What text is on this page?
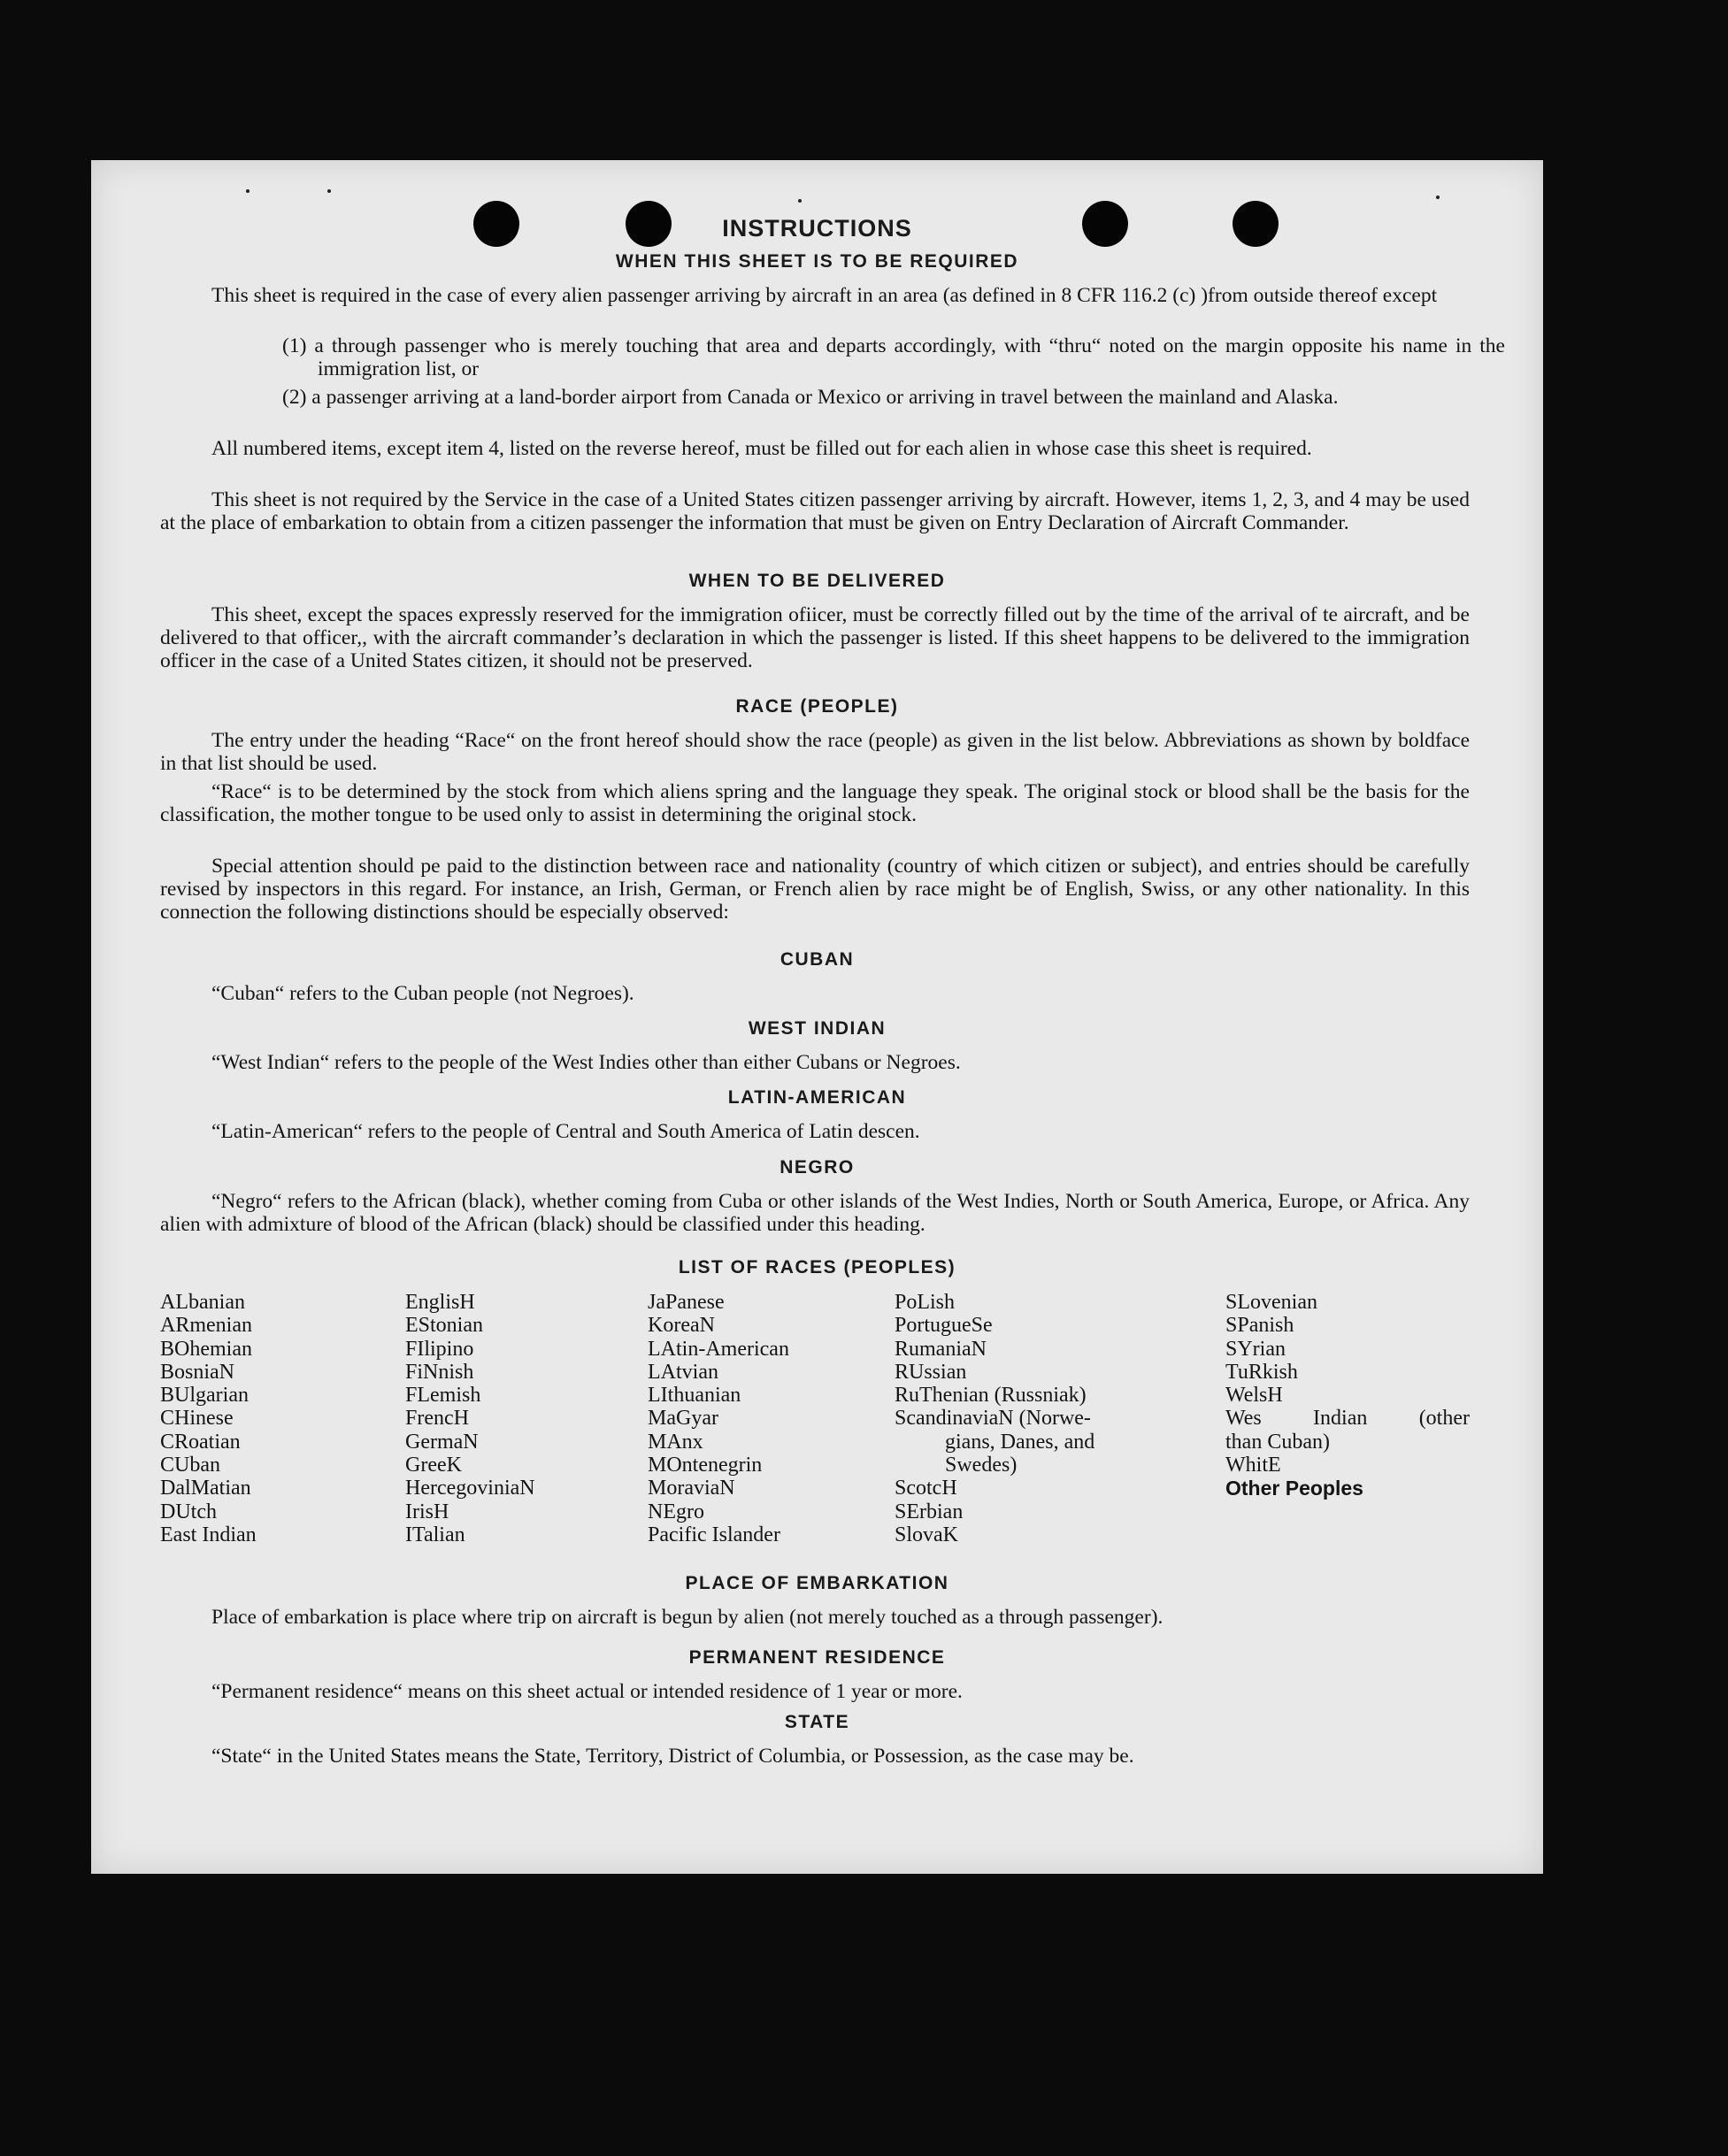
INSTRUCTIONS
WHEN THIS SHEET IS TO BE REQUIRED
This sheet is required in the case of every alien passenger arriving by aircraft in an area (as defined in 8 CFR 116.2 (c) )from outside thereof except
(1) a through passenger who is merely touching that area and departs accordingly, with “thru“ noted on the margin opposite his name in the immigration list, or
(2) a passenger arriving at a land-border airport from Canada or Mexico or arriving in travel between the mainland and Alaska.
All numbered items, except item 4, listed on the reverse hereof, must be filled out for each alien in whose case this sheet is required.
This sheet is not required by the Service in the case of a United States citizen passenger arriving by aircraft. However, items 1, 2, 3, and 4 may be used at the place of embarkation to obtain from a citizen passenger the information that must be given on Entry Declaration of Aircraft Commander.
WHEN TO BE DELIVERED
This sheet, except the spaces expressly reserved for the immigration ofiicer, must be correctly filled out by the time of the arrival of te aircraft, and be delivered to that officer,, with the aircraft commander’s declaration in which the passenger is listed. If this sheet happens to be delivered to the immigration officer in the case of a United States citizen, it should not be preserved.
RACE (PEOPLE)
The entry under the heading “Race“ on the front hereof should show the race (people) as given in the list below. Abbreviations as shown by boldface in that list should be used.
“Race“ is to be determined by the stock from which aliens spring and the language they speak. The original stock or blood shall be the basis for the classification, the mother tongue to be used only to assist in determining the original stock.
Special attention should pe paid to the distinction between race and nationality (country of which citizen or subject), and entries should be carefully revised by inspectors in this regard. For instance, an Irish, German, or French alien by race might be of English, Swiss, or any other nationality. In this connection the following distinctions should be especially observed:
CUBAN
“Cuban“ refers to the Cuban people (not Negroes).
WEST INDIAN
“West Indian“ refers to the people of the West Indies other than either Cubans or Negroes.
LATIN-AMERICAN
“Latin-American“ refers to the people of Central and South America of Latin descen.
NEGRO
“Negro“ refers to the African (black), whether coming from Cuba or other islands of the West Indies, North or South America, Europe, or Africa. Any alien with admixture of blood of the African (black) should be classified under this heading.
LIST OF RACES (PEOPLES)
ALbanian
ARmenian
BOhemian
BosniaN
BUlgarian
CHinese
CRoatian
CUban
DalMatian
DUtch
East Indian
EnglisH
EStonian
FIlipino
FiNnish
FLemish
FrencH
GermaN
GreeK
HercegoviniaN
IrisH
ITalian
JaPanese
KoreaN
LAtin-American
LAtvian
LIthuanian
MaGyar
MAnx
MOntenegrin
MoraviaN
NEgro
Pacific Islander
PoLish
PortugueSe
RumaniaN
RUssian
RuThenian (Russniak)
ScandinaviaN (Norwe-
gians, Danes, and
Swedes)
ScotcH
SErbian
SlovaK
SLovenian
SPanish
SYrian
TuRkish
WelsH
Wes Indian (other
than Cuban)
WhitE
Other Peoples
PLACE OF EMBARKATION
Place of embarkation is place where trip on aircraft is begun by alien (not merely touched as a through passenger).
PERMANENT RESIDENCE
“Permanent residence“ means on this sheet actual or intended residence of 1 year or more.
STATE
“State“ in the United States means the State, Territory, District of Columbia, or Possession, as the case may be.
